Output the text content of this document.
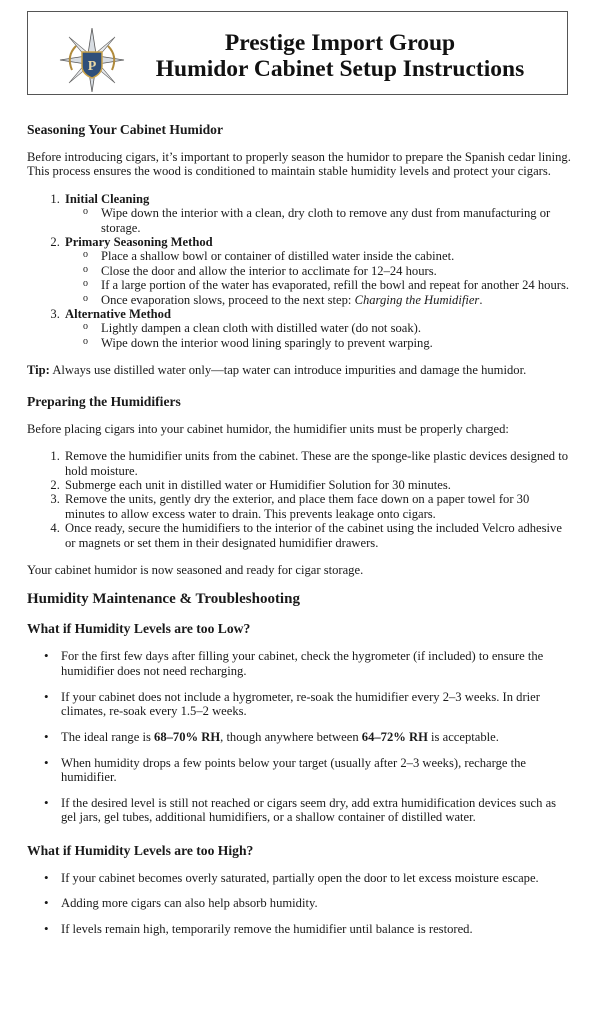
P
Prestige Import Group
Humidor Cabinet Setup Instructions
Seasoning Your Cabinet Humidor

Before introducing cigars, it’s important to properly season the humidor to prepare the Spanish cedar lining. This process ensures the wood is conditioned to maintain stable humidity levels and protect your cigars.

1. Initial Cleaning
o Wipe down the interior with a clean, dry cloth to remove any dust from manufacturing or storage.
2. Primary Seasoning Method
o Place a shallow bowl or container of distilled water inside the cabinet.
o Close the door and allow the interior to acclimate for 12–24 hours.
o If a large portion of the water has evaporated, refill the bowl and repeat for another 24 hours.
o Once evaporation slows, proceed to the next step: Charging the Humidifier.
3. Alternative Method
o Lightly dampen a clean cloth with distilled water (do not soak).
o Wipe down the interior wood lining sparingly to prevent warping.

Tip: Always use distilled water only—tap water can introduce impurities and damage the humidor.

Preparing the Humidifiers

Before placing cigars into your cabinet humidor, the humidifier units must be properly charged:

1. Remove the humidifier units from the cabinet. These are the sponge-like plastic devices designed to hold moisture.
2. Submerge each unit in distilled water or Humidifier Solution for 30 minutes.
3. Remove the units, gently dry the exterior, and place them face down on a paper towel for 30 minutes to allow excess water to drain. This prevents leakage onto cigars.
4. Once ready, secure the humidifiers to the interior of the cabinet using the included Velcro adhesive or magnets or set them in their designated humidifier drawers.

Your cabinet humidor is now seasoned and ready for cigar storage.

Humidity Maintenance & Troubleshooting
What if Humidity Levels are too Low?
• For the first few days after filling your cabinet, check the hygrometer (if included) to ensure the humidifier does not need recharging.
• If your cabinet does not include a hygrometer, re-soak the humidifier every 2–3 weeks. In drier climates, re-soak every 1.5–2 weeks.
• The ideal range is 68–70% RH, though anywhere between 64–72% RH is acceptable.
• When humidity drops a few points below your target (usually after 2–3 weeks), recharge the humidifier.
• If the desired level is still not reached or cigars seem dry, add extra humidification devices such as gel jars, gel tubes, additional humidifiers, or a shallow container of distilled water.
What if Humidity Levels are too High?
• If your cabinet becomes overly saturated, partially open the door to let excess moisture escape.
• Adding more cigars can also help absorb humidity.
• If levels remain high, temporarily remove the humidifier until balance is restored.
